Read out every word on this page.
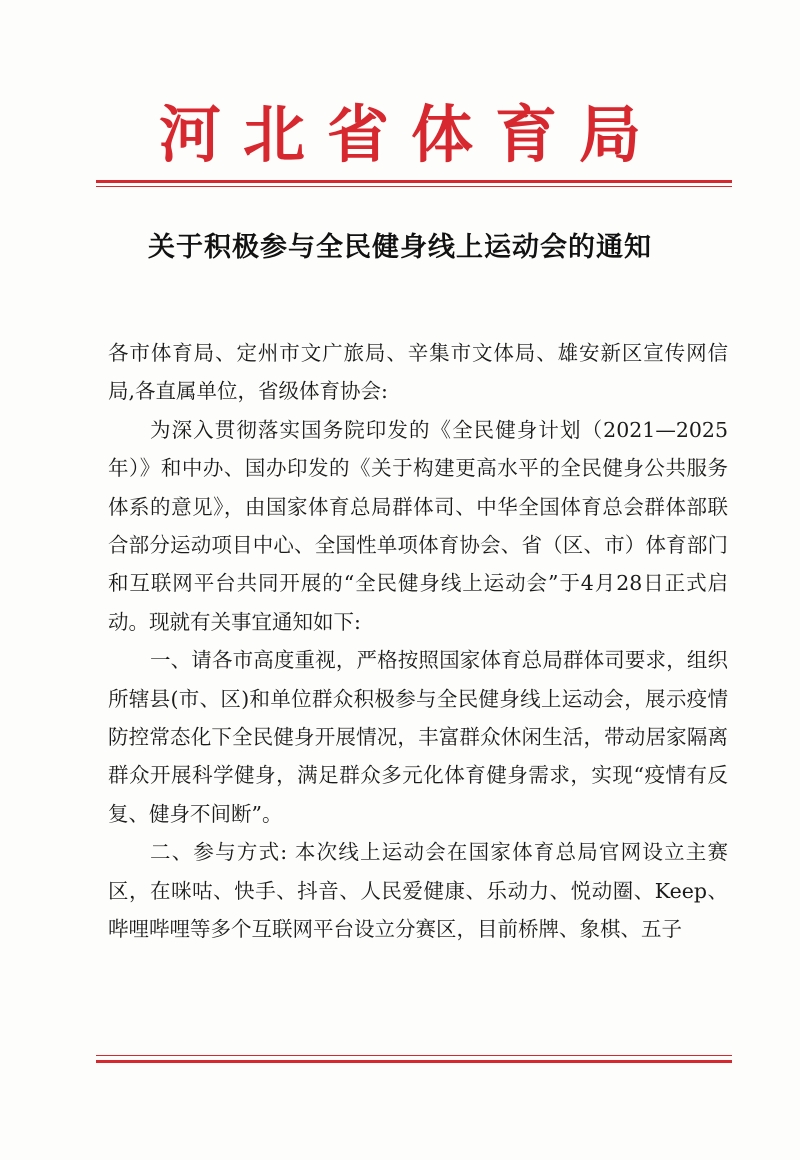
河北省体育局
关于积极参与全民健身线上运动会的通知

各市体育局、定州市文广旅局、辛集市文体局、雄安新区宣传网信局,各直属单位，省级体育协会:

为深入贯彻落实国务院印发的《全民健身计划（2021—2025年）》和中办、国办印发的《关于构建更高水平的全民健身公共服务体系的意见》，由国家体育总局群体司、中华全国体育总会群体部联合部分运动项目中心、全国性单项体育协会、省（区、市）体育部门和互联网平台共同开展的“全民健身线上运动会”于4月28日正式启动。现就有关事宜通知如下:

一、请各市高度重视，严格按照国家体育总局群体司要求，组织所辖县(市、区)和单位群众积极参与全民健身线上运动会，展示疫情防控常态化下全民健身开展情况，丰富群众休闲生活，带动居家隔离群众开展科学健身，满足群众多元化体育健身需求，实现“疫情有反复、健身不间断”。

二、参与方式: 本次线上运动会在国家体育总局官网设立主赛区，在咪咕、快手、抖音、人民爱健康、乐动力、悦动圈、Keep、哔哩哔哩等多个互联网平台设立分赛区，目前桥牌、象棋、五子
